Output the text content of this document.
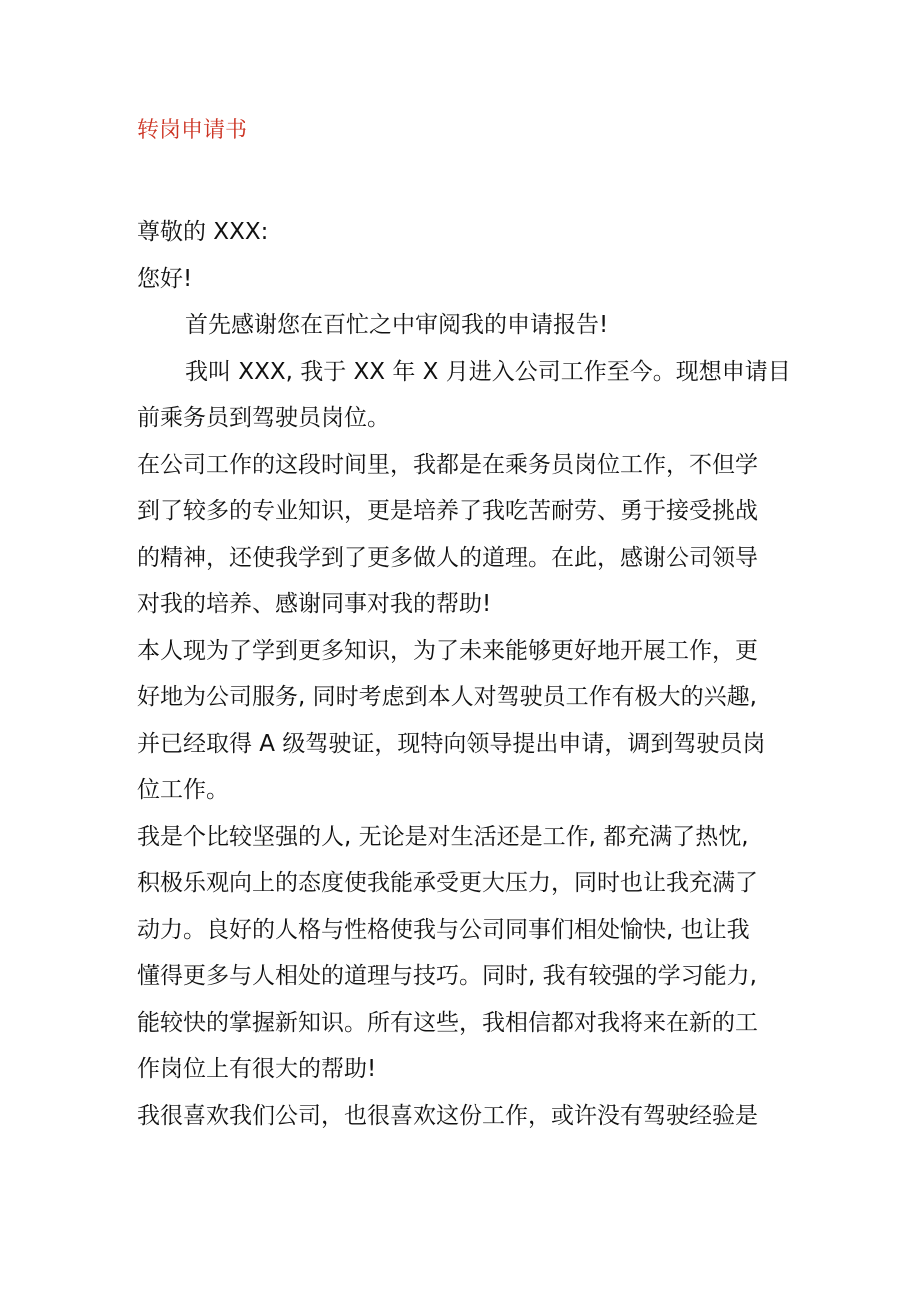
转岗申请书
尊敬的 XXX:
您好!
首先感谢您在百忙之中审阅我的申请报告!
我叫 XXX, 我于 XX 年 X 月进入公司工作至今。现想申请目
前乘务员到驾驶员岗位。
在公司工作的这段时间里，我都是在乘务员岗位工作，不但学
到了较多的专业知识，更是培养了我吃苦耐劳、勇于接受挑战
的精神，还使我学到了更多做人的道理。在此，感谢公司领导
对我的培养、感谢同事对我的帮助!
本人现为了学到更多知识，为了未来能够更好地开展工作，更
好地为公司服务, 同时考虑到本人对驾驶员工作有极大的兴趣,
并已经取得 A 级驾驶证，现特向领导提出申请，调到驾驶员岗
位工作。
我是个比较坚强的人, 无论是对生活还是工作, 都充满了热忱,
积极乐观向上的态度使我能承受更大压力，同时也让我充满了
动力。良好的人格与性格使我与公司同事们相处愉快, 也让我
懂得更多与人相处的道理与技巧。同时, 我有较强的学习能力,
能较快的掌握新知识。所有这些，我相信都对我将来在新的工
作岗位上有很大的帮助!
我很喜欢我们公司，也很喜欢这份工作，或许没有驾驶经验是
